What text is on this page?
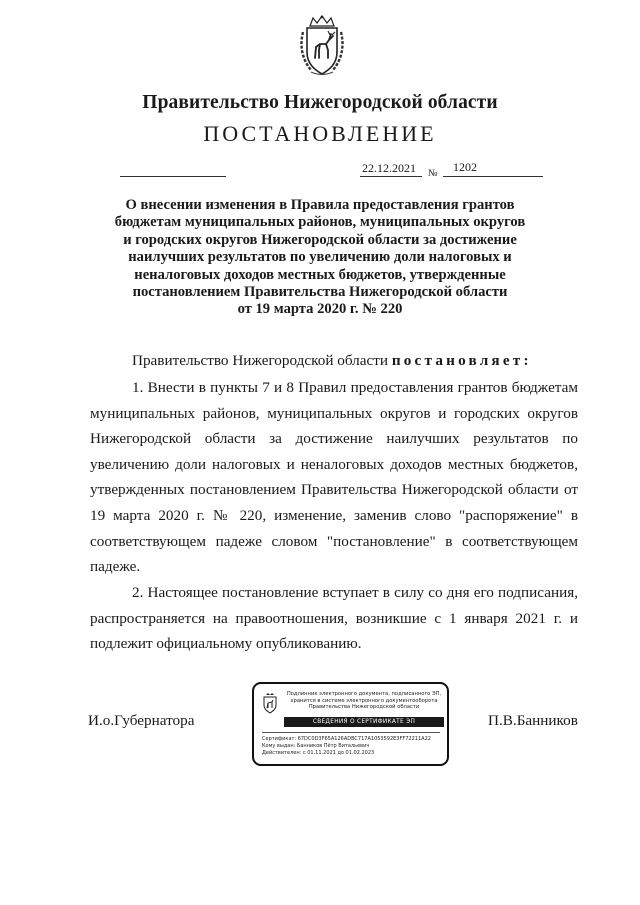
Правительство Нижегородской области
ПОСТАНОВЛЕНИЕ
22.12.2021 № 1202
О внесении изменения в Правила предоставления грантов
бюджетам муниципальных районов, муниципальных округов
и городских округов Нижегородской области за достижение
наилучших результатов по увеличению доли налоговых и
неналоговых доходов местных бюджетов, утвержденные
постановлением Правительства Нижегородской области
от 19 марта 2020 г. № 220
Правительство Нижегородской области постановляет:
1. Внести в пункты 7 и 8 Правил предоставления грантов бюджетам муниципальных районов, муниципальных округов и городских округов Нижегородской области за достижение наилучших результатов по увеличению доли налоговых и неналоговых доходов местных бюджетов, утвержденных постановлением Правительства Нижегородской области от 19 марта 2020 г. № 220, изменение, заменив слово "распоряжение" в соответствующем падеже словом "постановление" в соответствующем падеже.
2. Настоящее постановление вступает в силу со дня его подписания, распространяется на правоотношения, возникшие с 1 января 2021 г. и подлежит официальному опубликованию.
И.о.Губернатора	П.В.Банников
Подлинник электронного документа, подписанного ЭП,
хранится в системе электронного документооборота
Правительства Нижегородской области
СВЕДЕНИЯ О СЕРТИФИКАТЕ ЭП
Сертификат: 67DC0D3F65A126ADBC717A1053592E3FF72211A22
Кому выдан: Банников Пётр Витальевич
Действителен: с 01.11.2021 до 01.02.2023
